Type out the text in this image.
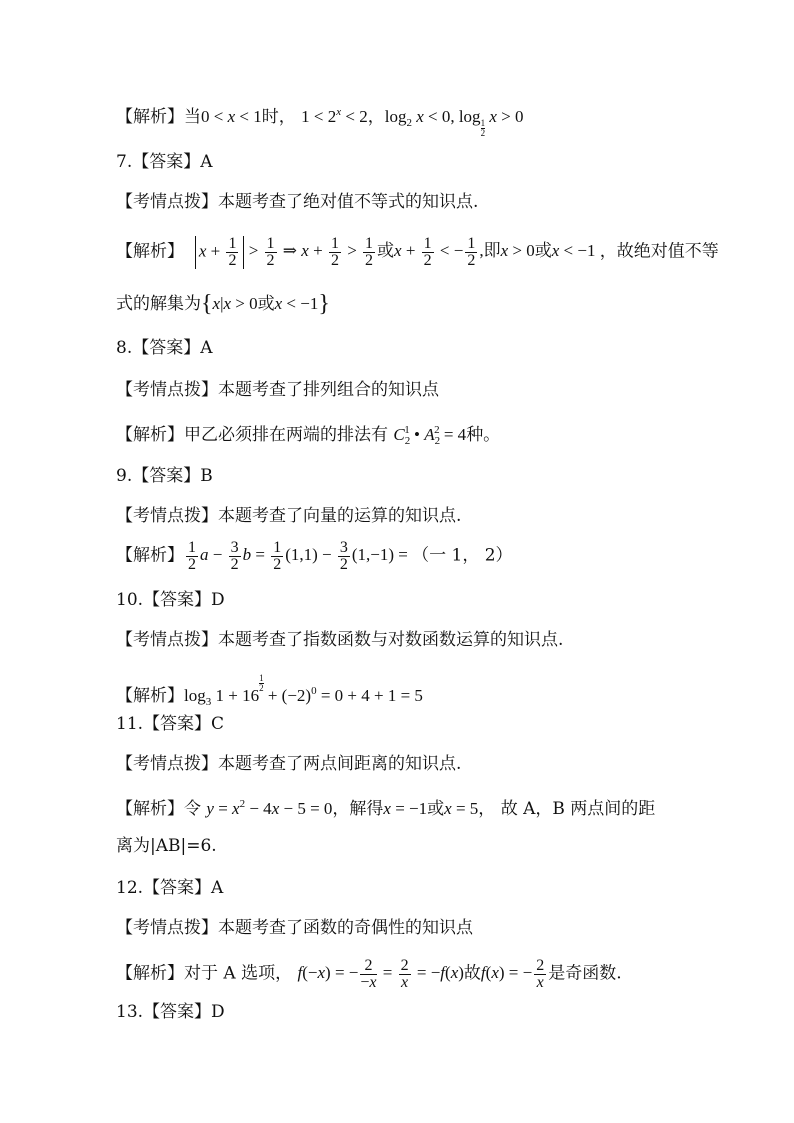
【解析】当0 < x < 1时， $1 < 2^x < 2$，$\log_2 x < 0$, log
$\frac{1}{2}$
x > 0
7.【答案】A
【考情点拨】本题考查了绝对值不等式的知识点.
【解析】 $x + \frac{1}{2} > \frac{1}{2}$ ⇒ $x + \frac{1}{2} > \frac{1}{2}$ 或$x + \frac{1}{2}$ < − $\frac{1}{2}$ ,即x > 0或x < −1 ，故绝对值不等
式的解集为{x|x > 0或x < −1}
8.【答案】A
【考情点拨】本题考查了排列组合的知识点
【解析】甲乙必须排在两端的排法有 $C_2^1$ • $A_2^2 = 4$种。
9.【答案】B
【考情点拨】本题考查了向量的运算的知识点.
【解析】 $\frac{1}{2}$ $a - \frac{3}{2}$ $b = \frac{1}{2} (1,1) - \frac{3}{2} (1,-1)$ = （一 1， 2）
10.【答案】D
【考情点拨】本题考查了指数函数与对数函数运算的知识点.
【解析】$\log_3 1 + 16$
$\frac{1}{2}$
+ $(-2)^0 = 0 + 4 + 1 = 5$
11.【答案】C
【考情点拨】本题考查了两点间距离的知识点.
【解析】令 $y = x^2 - 4x - 5 = 0$，解得x = −1或x = 5， 故 A，B 两点间的距
离为|AB|=6.
12.【答案】A
【考情点拨】本题考查了函数的奇偶性的知识点
【解析】对于 A 选项， f(−x) = − $\frac{2}{-x} = \frac{2}{x} = -f(x)$故f(x) = − $\frac{2}{x}$ 是奇函数.
13.【答案】D
